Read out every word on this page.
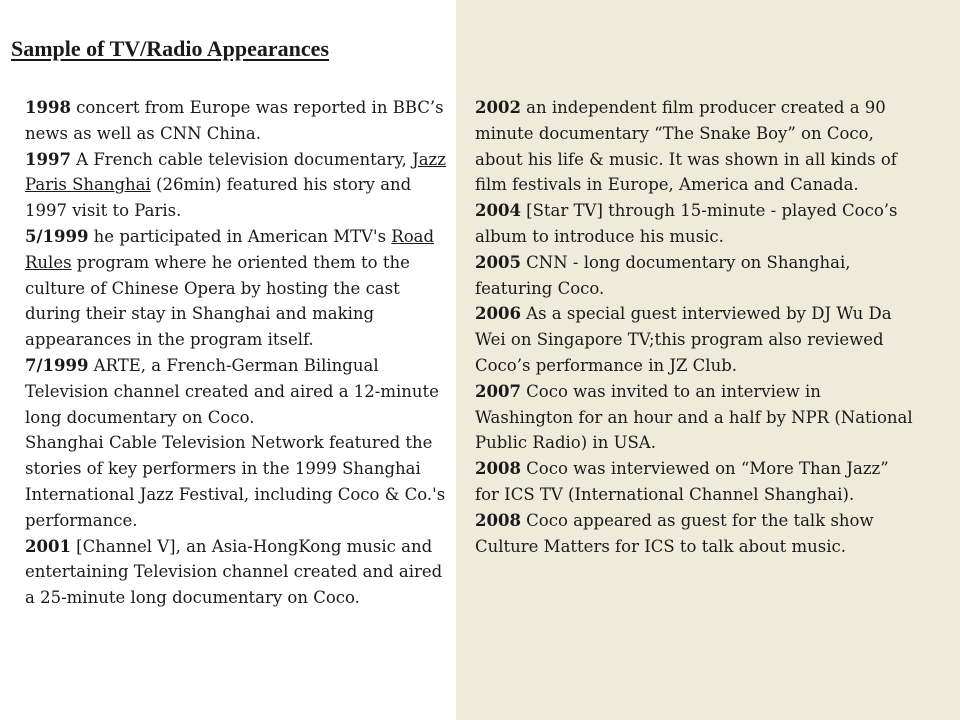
Sample of TV/Radio Appearances

1998 concert from Europe was reported in BBC’s news as well as CNN China.

1997 A French cable television documentary, Jazz Paris Shanghai (26min) featured his story and 1997 visit to Paris.

5/1999 he participated in American MTV's Road Rules program where he oriented them to the culture of Chinese Opera by hosting the cast during their stay in Shanghai and making appearances in the program itself.

7/1999 ARTE, a French-German Bilingual Television channel created and aired a 12-minute long documentary on Coco.

Shanghai Cable Television Network featured the stories of key performers in the 1999 Shanghai International Jazz Festival, including Coco & Co.'s performance.

2001 [Channel V], an Asia-HongKong music and entertaining Television channel created and aired a 25-minute long documentary on Coco.

2002 an independent film producer created a 90 minute documentary “The Snake Boy” on Coco, about his life & music. It was shown in all kinds of film festivals in Europe, America and Canada.

2004 [Star TV] through 15-minute - played Coco’s album to introduce his music.

2005 CNN - long documentary on Shanghai, featuring Coco.

2006 As a special guest interviewed by DJ Wu Da Wei on Singapore TV;this program also reviewed Coco’s performance in JZ Club.

2007 Coco was invited to an interview in Washington for an hour and a half by NPR (National Public Radio) in USA.

2008 Coco was interviewed on “More Than Jazz” for ICS TV (International Channel Shanghai).

2008 Coco appeared as guest for the talk show Culture Matters for ICS to talk about music.
